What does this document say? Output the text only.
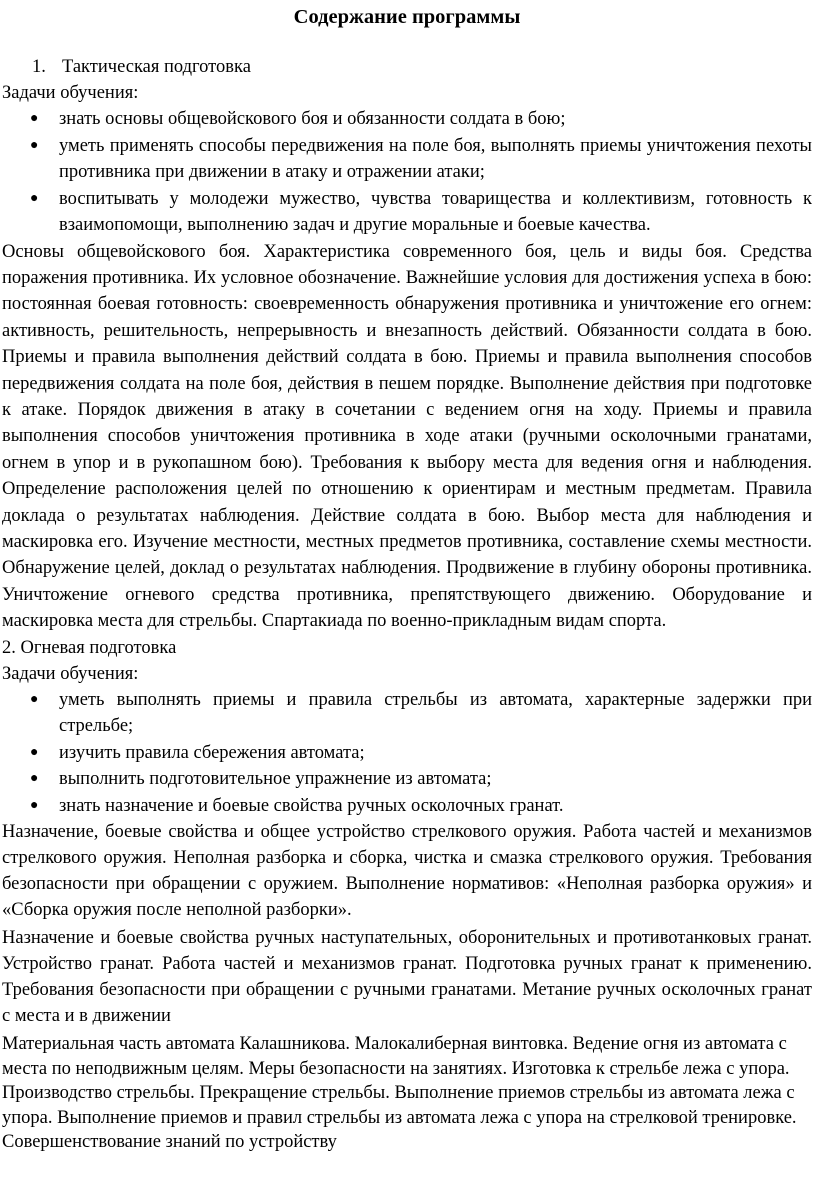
Содержание программы
1. Тактическая подготовка

Задачи обучения:

● знать основы общевойскового боя и обязанности солдата в бою;
● уметь применять способы передвижения на поле боя, выполнять приемы уничтожения пехоты противника при движении в атаку и отражении атаки;
● воспитывать у молодежи мужество, чувства товарищества и коллективизм, готовность к взаимопомощи, выполнению задач и другие моральные и боевые качества.

Основы общевойскового боя. Характеристика современного боя, цель и виды боя. Средства поражения противника. Их условное обозначение. Важнейшие условия для достижения успеха в бою: постоянная боевая готовность: своевременность обнаружения противника и уничтожение его огнем: активность, решительность, непрерывность и внезапность действий. Обязанности солдата в бою. Приемы и правила выполнения действий солдата в бою. Приемы и правила выполнения способов передвижения солдата на поле боя, действия в пешем порядке. Выполнение действия при подготовке к атаке. Порядок движения в атаку в сочетании с ведением огня на ходу. Приемы и правила выполнения способов уничтожения противника в ходе атаки (ручными осколочными гранатами, огнем в упор и в рукопашном бою). Требования к выбору места для ведения огня и наблюдения. Определение расположения целей по отношению к ориентирам и местным предметам. Правила доклада о результатах наблюдения. Действие солдата в бою. Выбор места для наблюдения и маскировка его. Изучение местности, местных предметов противника, составление схемы местности. Обнаружение целей, доклад о результатах наблюдения. Продвижение в глубину обороны противника. Уничтожение огневого средства противника, препятствующего движению. Оборудование и маскировка места для стрельбы. Спартакиада по военно-прикладным видам спорта.

2. Огневая подготовка

Задачи обучения:

● уметь выполнять приемы и правила стрельбы из автомата, характерные задержки при стрельбе;
● изучить правила сбережения автомата;
● выполнить подготовительное упражнение из автомата;
● знать назначение и боевые свойства ручных осколочных гранат.

Назначение, боевые свойства и общее устройство стрелкового оружия. Работа частей и механизмов стрелкового оружия. Неполная разборка и сборка, чистка и смазка стрелкового оружия. Требования безопасности при обращении с оружием. Выполнение нормативов: «Неполная разборка оружия» и «Сборка оружия после неполной разборки».

Назначение и боевые свойства ручных наступательных, оборонительных и противотанковых гранат. Устройство гранат. Работа частей и механизмов гранат. Подготовка ручных гранат к применению. Требования безопасности при обращении с ручными гранатами. Метание ручных осколочных гранат с места и в движении

Материальная часть автомата Калашникова. Малокалиберная винтовка. Ведение огня из автомата с места по неподвижным целям. Меры безопасности на занятиях. Изготовка к стрельбе лежа с упора. Производство стрельбы. Прекращение стрельбы. Выполнение приемов стрельбы из автомата лежа с упора. Выполнение приемов и правил стрельбы из автомата лежа с упора на стрелковой тренировке. Совершенствование знаний по устройству
